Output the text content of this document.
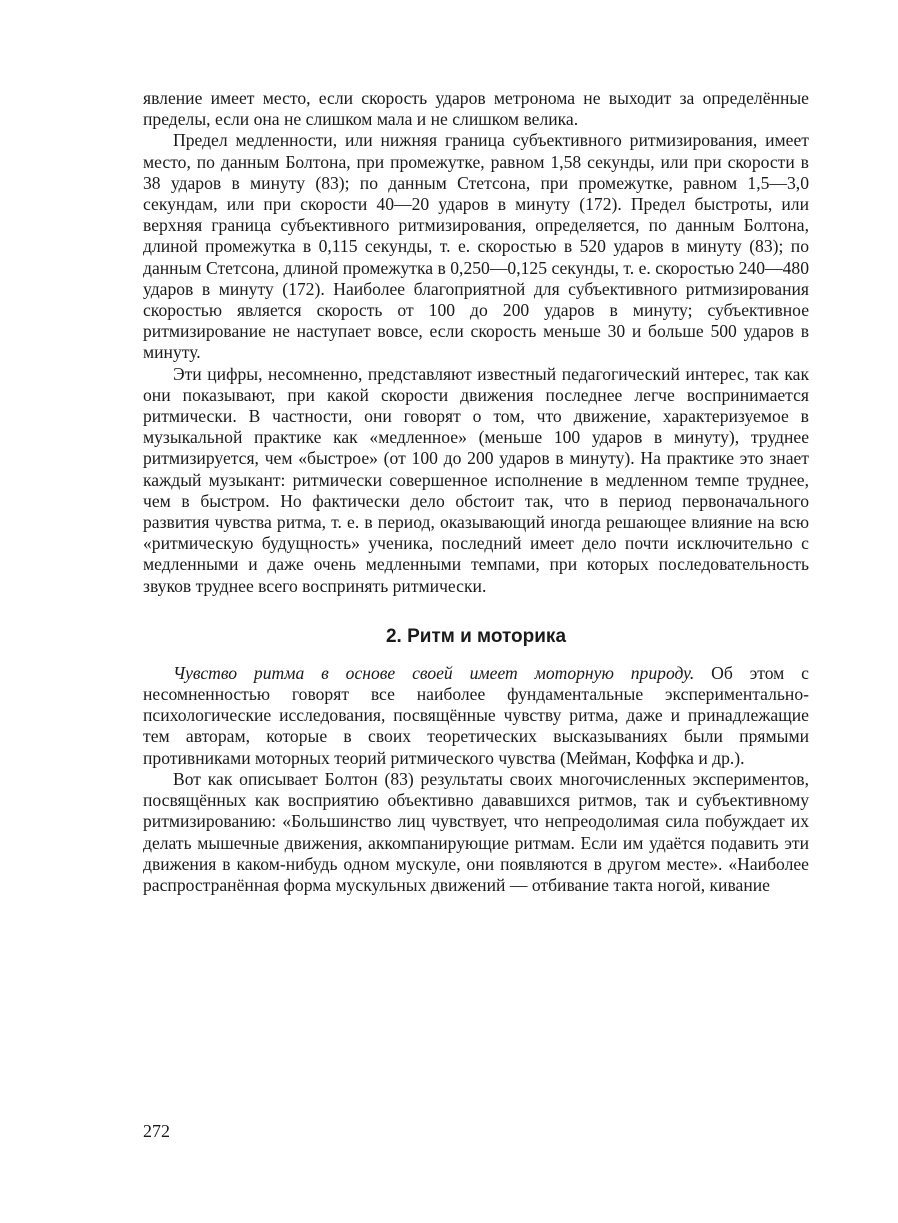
явление имеет место, если скорость ударов метронома не выходит за определённые пределы, если она не слишком мала и не слишком велика.

Предел медленности, или нижняя граница субъективного ритмизирования, имеет место, по данным Болтона, при промежутке, равном 1,58 секунды, или при скорости в 38 ударов в минуту (83); по данным Стетсона, при промежутке, равном 1,5—3,0 секундам, или при скорости 40—20 ударов в минуту (172). Предел быстроты, или верхняя граница субъективного ритмизирования, определяется, по данным Болтона, длиной промежутка в 0,115 секунды, т. е. скоростью в 520 ударов в минуту (83); по данным Стетсона, длиной промежутка в 0,250—0,125 секунды, т. е. скоростью 240—480 ударов в минуту (172). Наиболее благоприятной для субъективного ритмизирования скоростью является скорость от 100 до 200 ударов в минуту; субъективное ритмизирование не наступает вовсе, если скорость меньше 30 и больше 500 ударов в минуту.

Эти цифры, несомненно, представляют известный педагогический интерес, так как они показывают, при какой скорости движения последнее легче воспринимается ритмически. В частности, они говорят о том, что движение, характеризуемое в музыкальной практике как «медленное» (меньше 100 ударов в минуту), труднее ритмизируется, чем «быстрое» (от 100 до 200 ударов в минуту). На практике это знает каждый музыкант: ритмически совершенное исполнение в медленном темпе труднее, чем в быстром. Но фактически дело обстоит так, что в период первоначального развития чувства ритма, т. е. в период, оказывающий иногда решающее влияние на всю «ритмическую будущность» ученика, последний имеет дело почти исключительно с медленными и даже очень медленными темпами, при которых последовательность звуков труднее всего воспринять ритмически.

2. Ритм и моторика

Чувство ритма в основе своей имеет моторную природу. Об этом с несомненностью говорят все наиболее фундаментальные экспериментально-психологические исследования, посвящённые чувству ритма, даже и принадлежащие тем авторам, которые в своих теоретических высказываниях были прямыми противниками моторных теорий ритмического чувства (Мейман, Коффка и др.).

Вот как описывает Болтон (83) результаты своих многочисленных экспериментов, посвящённых как восприятию объективно дававшихся ритмов, так и субъективному ритмизированию: «Большинство лиц чувствует, что непреодолимая сила побуждает их делать мышечные движения, аккомпанирующие ритмам. Если им удаётся подавить эти движения в каком-нибудь одном мускуле, они появляются в другом месте». «Наиболее распространённая форма мускульных движений — отбивание такта ногой, кивание

272
